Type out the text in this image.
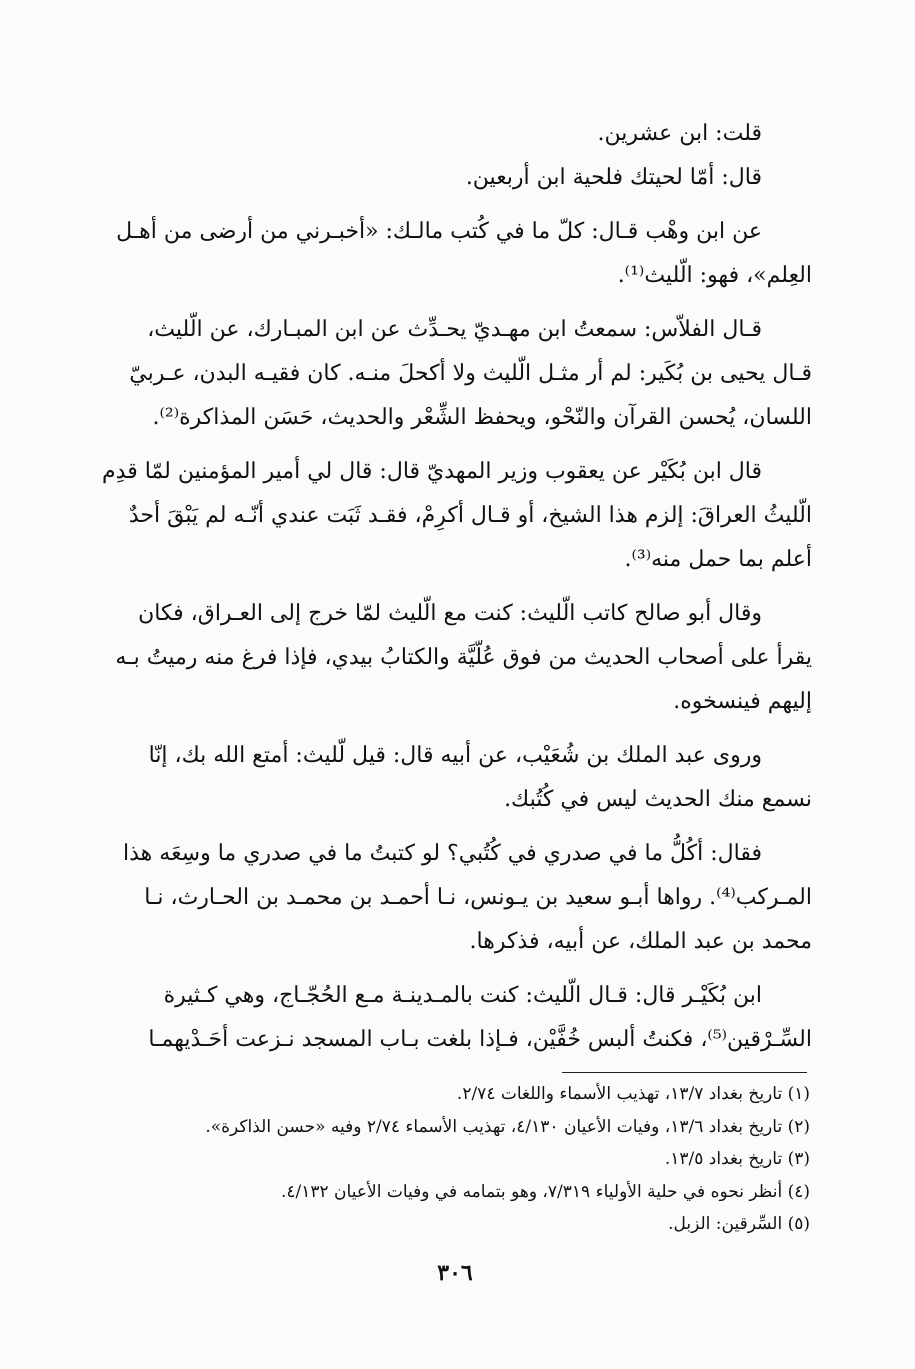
قلت: ابن عشرين.
قال: أمّا لحيتك فلحية ابن أربعين.
عن ابن وهْب قـال: كلّ ما في كُتب مالـك: «أخبـرني من أرضى من أهـل
العِلم»، فهو: الّليث⁽¹⁾.
قـال الفلاّس: سمعتُ ابن مهـديّ يحـدِّث عن ابن المبـارك، عن الّليث،
قـال يحيى بن بُكَير: لم أر مثـل الّليث ولا أكحلَ منـه. كان فقيـه البدن، عـربيّ
اللسان، يُحسن القرآن والنّحْو، ويحفظ الشِّعْر والحديث، حَسَن المذاكرة⁽²⁾.
قال ابن بُكَيْر عن يعقوب وزير المهديّ قال: قال لي أمير المؤمنين لمّا قدِم
الّليثُ العراقَ: إلزم هذا الشيخ، أو قـال أكرِمْ، فقـد ثَبَت عندي أنّـه لم يَبْقَ أحدٌ
أعلم بما حمل منه⁽³⁾.
وقال أبو صالح كاتب الّليث: كنت مع الّليث لمّا خرج إلى العـراق، فكان
يقرأ على أصحاب الحديث من فوق عُلّيَّة والكتابُ بيدي، فإذا فرغ منه رميتُ بـه
إليهم فينسخوه.
وروى عبد الملك بن شُعَيْب، عن أبيه قال: قيل لّليث: أمتع الله بك، إنّا
نسمع منك الحديث ليس في كُتُبك.
فقال: أكُلُّ ما في صدري في كُتُبي؟ لو كتبتُ ما في صدري ما وسِعَه هذا
المـركب⁽⁴⁾. رواها أبـو سعيد بن يـونس، نـا أحمـد بن محمـد بن الحـارث، نـا
محمد بن عبد الملك، عن أبيه، فذكرها.
ابن بُكَيْـر قال: قـال الّليث: كنت بالمـدينـة مـع الحُجّـاج، وهي كـثيرة
السِّـرْقين⁽⁵⁾، فكنتُ ألبس خُفَّيْن، فـإذا بلغت بـاب المسجد نـزعت أحَـدْيهمـا
(١) تاريخ بغداد ١٣/٧، تهذيب الأسماء واللغات ٢/٧٤.
(٢) تاريخ بغداد ١٣/٦، وفيات الأعيان ٤/١٣٠، تهذيب الأسماء ٢/٧٤ وفيه «حسن الذاكرة».
(٣) تاريخ بغداد ١٣/٥.
(٤) أنظر نحوه في حلية الأولياء ٧/٣١٩، وهو بتمامه في وفيات الأعيان ٤/١٣٢.
(٥) السِّرقين: الزبل.
٣٠٦
